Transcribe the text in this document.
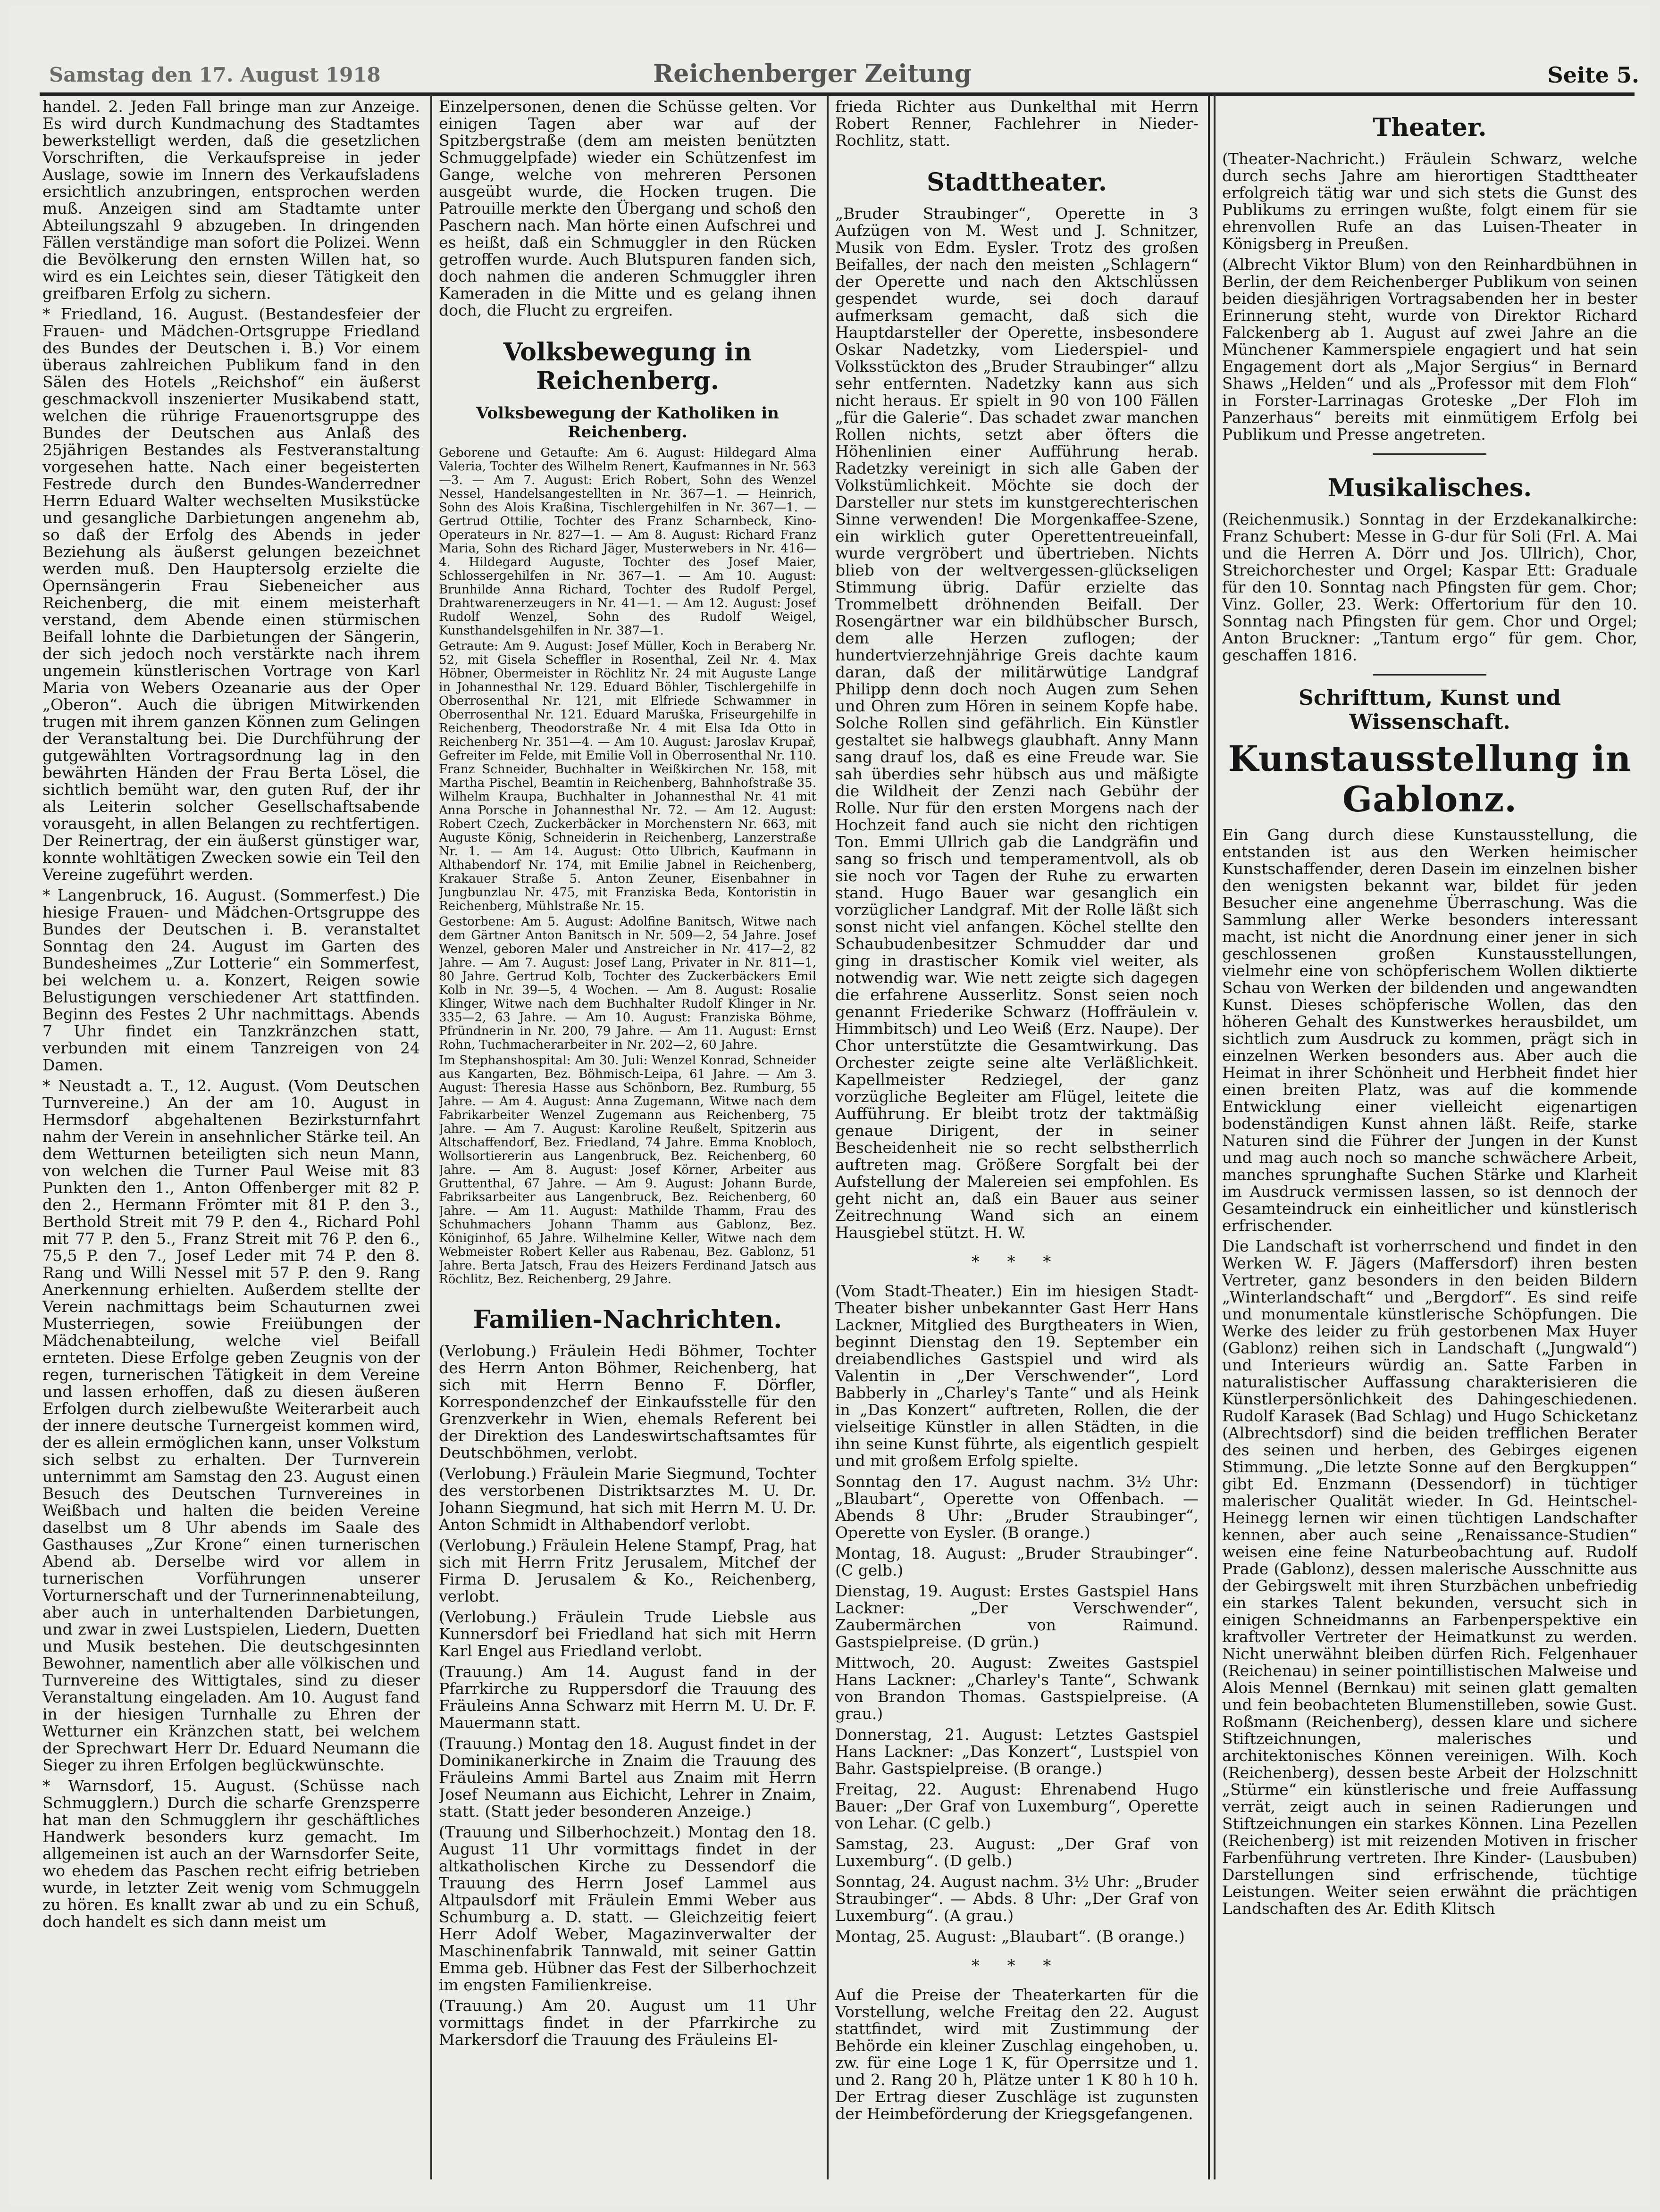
Samstag den 17. August 1918	Reichenberger Zeitung	Seite 5.

handel. 2. Jeden Fall bringe man zur Anzeige. Es wird durch Kundmachung des Stadtamtes bewerkstelligt werden, daß die gesetzlichen Vorschriften, die Verkaufspreise in jeder Auslage, sowie im Innern des Verkaufsladens ersichtlich anzubringen, entsprochen werden muß. Anzeigen sind am Stadtamte unter Abteilungszahl 9 abzugeben. In dringenden Fällen verständige man sofort die Polizei. Wenn die Bevölkerung den ernsten Willen hat, so wird es ein Leichtes sein, dieser Tätigkeit den greifbaren Erfolg zu sichern.

* Friedland, 16. August. (Bestandesfeier der Frauen- und Mädchen-Ortsgruppe Friedland des Bundes der Deutschen i. B.) Vor einem überaus zahlreichen Publikum fand in den Sälen des Hotels „Reichshof“ ein äußerst geschmackvoll inszenierter Musikabend statt, welchen die rührige Frauenortsgruppe des Bundes der Deutschen aus Anlaß des 25jährigen Bestandes als Festveranstaltung vorgesehen hatte. Nach einer begeisterten Festrede durch den Bundes-Wanderredner Herrn Eduard Walter wechselten Musikstücke und gesangliche Darbietungen angenehm ab, so daß der Erfolg des Abends in jeder Beziehung als äußerst gelungen bezeichnet werden muß. Den Hauptersolg erzielte die Opernsängerin Frau Siebeneicher aus Reichenberg, die mit einem meisterhaft verstand, dem Abende einen stürmischen Beifall lohnte die Darbietungen der Sängerin, der sich jedoch noch verstärkte nach ihrem ungemein künstlerischen Vortrage von Karl Maria von Webers Ozeanarie aus der Oper „Oberon“. Auch die übrigen Mitwirkenden trugen mit ihrem ganzen Können zum Gelingen der Veranstaltung bei. Die Durchführung der gutgewählten Vortragsordnung lag in den bewährten Händen der Frau Berta Lösel, die sichtlich bemüht war, den guten Ruf, der ihr als Leiterin solcher Gesellschaftsabende vorausgeht, in allen Belangen zu rechtfertigen. Der Reinertrag, der ein äußerst günstiger war, konnte wohltätigen Zwecken sowie ein Teil den Vereine zugeführt werden.

* Langenbruck, 16. August. (Sommerfest.) Die hiesige Frauen- und Mädchen-Ortsgruppe des Bundes der Deutschen i. B. veranstaltet Sonntag den 24. August im Garten des Bundesheimes „Zur Lotterie“ ein Sommerfest, bei welchem u. a. Konzert, Reigen sowie Belustigungen verschiedener Art stattfinden. Beginn des Festes 2 Uhr nachmittags. Abends 7 Uhr findet ein Tanzkränzchen statt, verbunden mit einem Tanzreigen von 24 Damen.

* Neustadt a. T., 12. August. (Vom Deutschen Turnvereine.) An der am 10. August in Hermsdorf abgehaltenen Bezirksturnfahrt nahm der Verein in ansehnlicher Stärke teil. An dem Wetturnen beteiligten sich neun Mann, von welchen die Turner Paul Weise mit 83 Punkten den 1., Anton Offenberger mit 82 P. den 2., Hermann Frömter mit 81 P. den 3., Berthold Streit mit 79 P. den 4., Richard Pohl mit 77 P. den 5., Franz Streit mit 76 P. den 6., 75,5 P. den 7., Josef Leder mit 74 P. den 8. Rang und Willi Nessel mit 57 P. den 9. Rang Anerkennung erhielten. Außerdem stellte der Verein nachmittags beim Schauturnen zwei Musterriegen, sowie Freiübungen der Mädchenabteilung, welche viel Beifall ernteten. Diese Erfolge geben Zeugnis von der regen, turnerischen Tätigkeit in dem Vereine und lassen erhoffen, daß zu diesen äußeren Erfolgen durch zielbewußte Weiterarbeit auch der innere deutsche Turnergeist kommen wird, der es allein ermöglichen kann, unser Volkstum sich selbst zu erhalten. Der Turnverein unternimmt am Samstag den 23. August einen Besuch des Deutschen Turnvereines in Weißbach und halten die beiden Vereine daselbst um 8 Uhr abends im Saale des Gasthauses „Zur Krone“ einen turnerischen Abend ab. Derselbe wird vor allem in turnerischen Vorführungen unserer Vorturnerschaft und der Turnerinnenabteilung, aber auch in unterhaltenden Darbietungen, und zwar in zwei Lustspielen, Liedern, Duetten und Musik bestehen. Die deutschgesinnten Bewohner, namentlich aber alle völkischen und Turnvereine des Wittigtales, sind zu dieser Veranstaltung eingeladen. Am 10. August fand in der hiesigen Turnhalle zu Ehren der Wetturner ein Kränzchen statt, bei welchem der Sprechwart Herr Dr. Eduard Neumann die Sieger zu ihren Erfolgen beglückwünschte.

* Warnsdorf, 15. August. (Schüsse nach Schmugglern.) Durch die scharfe Grenzsperre hat man den Schmugglern ihr geschäftliches Handwerk besonders kurz gemacht. Im allgemeinen ist auch an der Warnsdorfer Seite, wo ehedem das Paschen recht eifrig betrieben wurde, in letzter Zeit wenig vom Schmuggeln zu hören. Es knallt zwar ab und zu ein Schuß, doch handelt es sich dann meist um

Einzelpersonen, denen die Schüsse gelten. Vor einigen Tagen aber war auf der Spitzbergstraße (dem am meisten benützten Schmuggelpfade) wieder ein Schützenfest im Gange, welche von mehreren Personen ausgeübt wurde, die Hocken trugen. Die Patrouille merkte den Übergang und schoß den Paschern nach. Man hörte einen Aufschrei und es heißt, daß ein Schmuggler in den Rücken getroffen wurde. Auch Blutspuren fanden sich, doch nahmen die anderen Schmuggler ihren Kameraden in die Mitte und es gelang ihnen doch, die Flucht zu ergreifen.

Volksbewegung in Reichenberg.
Volksbewegung der Katholiken in Reichenberg.

Geborene und Getaufte: Am 6. August: Hildegard Alma Valeria, Tochter des Wilhelm Renert, Kaufmannes in Nr. 563—3. — Am 7. August: Erich Robert, Sohn des Wenzel Nessel, Handelsangestellten in Nr. 367—1. — Heinrich, Sohn des Alois Kraßina, Tischlergehilfen in Nr. 367—1. — Gertrud Ottilie, Tochter des Franz Scharnbeck, Kino-Operateurs in Nr. 827—1. — Am 8. August: Richard Franz Maria, Sohn des Richard Jäger, Musterwebers in Nr. 416—4. Hildegard Auguste, Tochter des Josef Maier, Schlossergehilfen in Nr. 367—1. — Am 10. August: Brunhilde Anna Richard, Tochter des Rudolf Pergel, Drahtwarenerzeugers in Nr. 41—1. — Am 12. August: Josef Rudolf Wenzel, Sohn des Rudolf Weigel, Kunsthandelsgehilfen in Nr. 387—1.

Getraute: Am 9. August: Josef Müller, Koch in Beraberg Nr. 52, mit Gisela Scheffler in Rosenthal, Zeil Nr. 4. Max Höbner, Obermeister in Röchlitz Nr. 24 mit Auguste Lange in Johannesthal Nr. 129. Eduard Böhler, Tischlergehilfe in Oberrosenthal Nr. 121, mit Elfriede Schwammer in Oberrosenthal Nr. 121. Eduard Maruška, Friseurgehilfe in Reichenberg, Theodorstraße Nr. 4 mit Elsa Ida Otto in Reichenberg Nr. 351—4. — Am 10. August: Jaroslav Krupař, Gefreiter im Felde, mit Emilie Voll in Oberrosenthal Nr. 110. Franz Schneider, Buchhalter in Weißkirchen Nr. 158, mit Martha Pischel, Beamtin in Reichenberg, Bahnhofstraße 35. Wilhelm Kraupa, Buchhalter in Johannesthal Nr. 41 mit Anna Porsche in Johannesthal Nr. 72. — Am 12. August: Robert Czech, Zuckerbäcker in Morchenstern Nr. 663, mit Auguste König, Schneiderin in Reichenberg, Lanzerstraße Nr. 1. — Am 14. August: Otto Ulbrich, Kaufmann in Althabendorf Nr. 174, mit Emilie Jabnel in Reichenberg, Krakauer Straße 5. Anton Zeuner, Eisenbahner in Jungbunzlau Nr. 475, mit Franziska Beda, Kontoristin in Reichenberg, Mühlstraße Nr. 15.

Gestorbene: Am 5. August: Adolfine Banitsch, Witwe nach dem Gärtner Anton Banitsch in Nr. 509—2, 54 Jahre. Josef Wenzel, geboren Maler und Anstreicher in Nr. 417—2, 82 Jahre. — Am 7. August: Josef Lang, Privater in Nr. 811—1, 80 Jahre. Gertrud Kolb, Tochter des Zuckerbäckers Emil Kolb in Nr. 39—5, 4 Wochen. — Am 8. August: Rosalie Klinger, Witwe nach dem Buchhalter Rudolf Klinger in Nr. 335—2, 63 Jahre. — Am 10. August: Franziska Böhme, Pfründnerin in Nr. 200, 79 Jahre. — Am 11. August: Ernst Rohn, Tuchmacherarbeiter in Nr. 202—2, 60 Jahre.

Im Stephanshospital: Am 30. Juli: Wenzel Konrad, Schneider aus Kangarten, Bez. Böhmisch-Leipa, 61 Jahre. — Am 3. August: Theresia Hasse aus Schönborn, Bez. Rumburg, 55 Jahre. — Am 4. August: Anna Zugemann, Witwe nach dem Fabrikarbeiter Wenzel Zugemann aus Reichenberg, 75 Jahre. — Am 7. August: Karoline Reußelt, Spitzerin aus Altschaffendorf, Bez. Friedland, 74 Jahre. Emma Knobloch, Wollsortiererin aus Langenbruck, Bez. Reichenberg, 60 Jahre. — Am 8. August: Josef Körner, Arbeiter aus Gruttenthal, 67 Jahre. — Am 9. August: Johann Burde, Fabriksarbeiter aus Langenbruck, Bez. Reichenberg, 60 Jahre. — Am 11. August: Mathilde Thamm, Frau des Schuhmachers Johann Thamm aus Gablonz, Bez. Königinhof, 65 Jahre. Wilhelmine Keller, Witwe nach dem Webmeister Robert Keller aus Rabenau, Bez. Gablonz, 51 Jahre. Berta Jatsch, Frau des Heizers Ferdinand Jatsch aus Röchlitz, Bez. Reichenberg, 29 Jahre.

Familien-Nachrichten.

(Verlobung.) Fräulein Hedi Böhmer, Tochter des Herrn Anton Böhmer, Reichenberg, hat sich mit Herrn Benno F. Dörfler, Korrespondenzchef der Einkaufsstelle für den Grenzverkehr in Wien, ehemals Referent bei der Direktion des Landeswirtschaftsamtes für Deutschböhmen, verlobt.

(Verlobung.) Fräulein Marie Siegmund, Tochter des verstorbenen Distriktsarztes M. U. Dr. Johann Siegmund, hat sich mit Herrn M. U. Dr. Anton Schmidt in Althabendorf verlobt.

(Verlobung.) Fräulein Helene Stampf, Prag, hat sich mit Herrn Fritz Jerusalem, Mitchef der Firma D. Jerusalem & Ko., Reichenberg, verlobt.

(Verlobung.) Fräulein Trude Liebsle aus Kunnersdorf bei Friedland hat sich mit Herrn Karl Engel aus Friedland verlobt.

(Trauung.) Am 14. August fand in der Pfarrkirche zu Ruppersdorf die Trauung des Fräuleins Anna Schwarz mit Herrn M. U. Dr. F. Mauermann statt.

(Trauung.) Montag den 18. August findet in der Dominikanerkirche in Znaim die Trauung des Fräuleins Ammi Bartel aus Znaim mit Herrn Josef Neumann aus Eichicht, Lehrer in Znaim, statt. (Statt jeder besonderen Anzeige.)

(Trauung und Silberhochzeit.) Montag den 18. August 11 Uhr vormittags findet in der altkatholischen Kirche zu Dessendorf die Trauung des Herrn Josef Lammel aus Altpaulsdorf mit Fräulein Emmi Weber aus Schumburg a. D. statt. — Gleichzeitig feiert Herr Adolf Weber, Magazinverwalter der Maschinenfabrik Tannwald, mit seiner Gattin Emma geb. Hübner das Fest der Silberhochzeit im engsten Familienkreise.

(Trauung.) Am 20. August um 11 Uhr vormittags findet in der Pfarrkirche zu Markersdorf die Trauung des Fräuleins El-

frieda Richter aus Dunkelthal mit Herrn Robert Renner, Fachlehrer in Nieder-Rochlitz, statt.

Stadttheater.

„Bruder Straubinger“, Operette in 3 Aufzügen von M. West und J. Schnitzer, Musik von Edm. Eysler. Trotz des großen Beifalles, der nach den meisten „Schlagern“ der Operette und nach den Aktschlüssen gespendet wurde, sei doch darauf aufmerksam gemacht, daß sich die Hauptdarsteller der Operette, insbesondere Oskar Nadetzky, vom Liederspiel- und Volksstückton des „Bruder Straubinger“ allzu sehr entfernten. Nadetzky kann aus sich nicht heraus. Er spielt in 90 von 100 Fällen „für die Galerie“. Das schadet zwar manchen Rollen nichts, setzt aber öfters die Höhenlinien einer Aufführung herab. Radetzky vereinigt in sich alle Gaben der Volkstümlichkeit. Möchte sie doch der Darsteller nur stets im kunstgerechterischen Sinne verwenden! Die Morgenkaffee-Szene, ein wirklich guter Operettentreueinfall, wurde vergröbert und übertrieben. Nichts blieb von der weltvergessen-glückseligen Stimmung übrig. Dafür erzielte das Trommelbett dröhnenden Beifall. Der Rosengärtner war ein bildhübscher Bursch, dem alle Herzen zuflogen; der hundertvierzehnjährige Greis dachte kaum daran, daß der militärwütige Landgraf Philipp denn doch noch Augen zum Sehen und Ohren zum Hören in seinem Kopfe habe. Solche Rollen sind gefährlich. Ein Künstler gestaltet sie halbwegs glaubhaft. Anny Mann sang drauf los, daß es eine Freude war. Sie sah überdies sehr hübsch aus und mäßigte die Wildheit der Zenzi nach Gebühr der Rolle. Nur für den ersten Morgens nach der Hochzeit fand auch sie nicht den richtigen Ton. Emmi Ullrich gab die Landgräfin und sang so frisch und temperamentvoll, als ob sie noch vor Tagen der Ruhe zu erwarten stand. Hugo Bauer war gesanglich ein vorzüglicher Landgraf. Mit der Rolle läßt sich sonst nicht viel anfangen. Köchel stellte den Schaubudenbesitzer Schmudder dar und ging in drastischer Komik viel weiter, als notwendig war. Wie nett zeigte sich dagegen die erfahrene Ausserlitz. Sonst seien noch genannt Friederike Schwarz (Hoffräulein v. Himmbitsch) und Leo Weiß (Erz. Naupe). Der Chor unterstützte die Gesamtwirkung. Das Orchester zeigte seine alte Verläßlichkeit. Kapellmeister Redziegel, der ganz vorzügliche Begleiter am Flügel, leitete die Aufführung. Er bleibt trotz der taktmäßig genaue Dirigent, der in seiner Bescheidenheit nie so recht selbstherrlich auftreten mag. Größere Sorgfalt bei der Aufstellung der Malereien sei empfohlen. Es geht nicht an, daß ein Bauer aus seiner Zeitrechnung Wand sich an einem Hausgiebel stützt. H. W.

* * *

(Vom Stadt-Theater.) Ein im hiesigen Stadt-Theater bisher unbekannter Gast Herr Hans Lackner, Mitglied des Burgtheaters in Wien, beginnt Dienstag den 19. September ein dreiabendliches Gastspiel und wird als Valentin in „Der Verschwender“, Lord Babberly in „Charley's Tante“ und als Heink in „Das Konzert“ auftreten, Rollen, die der vielseitige Künstler in allen Städten, in die ihn seine Kunst führte, als eigentlich gespielt und mit großem Erfolg spielte.

Sonntag den 17. August nachm. 3½ Uhr: „Blaubart“, Operette von Offenbach. — Abends 8 Uhr: „Bruder Straubinger“, Operette von Eysler. (B orange.)

Montag, 18. August: „Bruder Straubinger“. (C gelb.)

Dienstag, 19. August: Erstes Gastspiel Hans Lackner: „Der Verschwender“, Zaubermärchen von Raimund. Gastspielpreise. (D grün.)

Mittwoch, 20. August: Zweites Gastspiel Hans Lackner: „Charley's Tante“, Schwank von Brandon Thomas. Gastspielpreise. (A grau.)

Donnerstag, 21. August: Letztes Gastspiel Hans Lackner: „Das Konzert“, Lustspiel von Bahr. Gastspielpreise. (B orange.)

Freitag, 22. August: Ehrenabend Hugo Bauer: „Der Graf von Luxemburg“, Operette von Lehar. (C gelb.)

Samstag, 23. August: „Der Graf von Luxemburg“. (D gelb.)

Sonntag, 24. August nachm. 3½ Uhr: „Bruder Straubinger“. — Abds. 8 Uhr: „Der Graf von Luxemburg“. (A grau.)

Montag, 25. August: „Blaubart“. (B orange.)

* * *

Auf die Preise der Theaterkarten für die Vorstellung, welche Freitag den 22. August stattfindet, wird mit Zustimmung der Behörde ein kleiner Zuschlag eingehoben, u. zw. für eine Loge 1 K, für Operrsitze und 1. und 2. Rang 20 h, Plätze unter 1 K 80 h 10 h. Der Ertrag dieser Zuschläge ist zugunsten der Heimbeförderung der Kriegsgefangenen.

Theater.

(Theater-Nachricht.) Fräulein Schwarz, welche durch sechs Jahre am hierortigen Stadttheater erfolgreich tätig war und sich stets die Gunst des Publikums zu erringen wußte, folgt einem für sie ehrenvollen Rufe an das Luisen-Theater in Königsberg in Preußen.

(Albrecht Viktor Blum) von den Reinhardbühnen in Berlin, der dem Reichenberger Publikum von seinen beiden diesjährigen Vortragsabenden her in bester Erinnerung steht, wurde von Direktor Richard Falckenberg ab 1. August auf zwei Jahre an die Münchener Kammerspiele engagiert und hat sein Engagement dort als „Major Sergius“ in Bernard Shaws „Helden“ und als „Professor mit dem Floh“ in Forster-Larrinagas Groteske „Der Floh im Panzerhaus“ bereits mit einmütigem Erfolg bei Publikum und Presse angetreten.

Musikalisches.

(Reichenmusik.) Sonntag in der Erzdekanalkirche: Franz Schubert: Messe in G-dur für Soli (Frl. A. Mai und die Herren A. Dörr und Jos. Ullrich), Chor, Streichorchester und Orgel; Kaspar Ett: Graduale für den 10. Sonntag nach Pfingsten für gem. Chor; Vinz. Goller, 23. Werk: Offertorium für den 10. Sonntag nach Pfingsten für gem. Chor und Orgel; Anton Bruckner: „Tantum ergo“ für gem. Chor, geschaffen 1816.

Schrifttum, Kunst und Wissenschaft.
Kunstausstellung in Gablonz.

Ein Gang durch diese Kunstausstellung, die entstanden ist aus den Werken heimischer Kunstschaffender, deren Dasein im einzelnen bisher den wenigsten bekannt war, bildet für jeden Besucher eine angenehme Überraschung. Was die Sammlung aller Werke besonders interessant macht, ist nicht die Anordnung einer jener in sich geschlossenen großen Kunstausstellungen, vielmehr eine von schöpferischem Wollen diktierte Schau von Werken der bildenden und angewandten Kunst. Dieses schöpferische Wollen, das den höheren Gehalt des Kunstwerkes herausbildet, um sichtlich zum Ausdruck zu kommen, prägt sich in einzelnen Werken besonders aus. Aber auch die Heimat in ihrer Schönheit und Herbheit findet hier einen breiten Platz, was auf die kommende Entwicklung einer vielleicht eigenartigen bodenständigen Kunst ahnen läßt. Reife, starke Naturen sind die Führer der Jungen in der Kunst und mag auch noch so manche schwächere Arbeit, manches sprunghafte Suchen Stärke und Klarheit im Ausdruck vermissen lassen, so ist dennoch der Gesamteindruck ein einheitlicher und künstlerisch erfrischender.

Die Landschaft ist vorherrschend und findet in den Werken W. F. Jägers (Maffersdorf) ihren besten Vertreter, ganz besonders in den beiden Bildern „Winterlandschaft“ und „Bergdorf“. Es sind reife und monumentale künstlerische Schöpfungen. Die Werke des leider zu früh gestorbenen Max Huyer (Gablonz) reihen sich in Landschaft („Jungwald“) und Interieurs würdig an. Satte Farben in naturalistischer Auffassung charakterisieren die Künstlerpersönlichkeit des Dahingeschiedenen. Rudolf Karasek (Bad Schlag) und Hugo Schicketanz (Albrechtsdorf) sind die beiden trefflichen Berater des seinen und herben, des Gebirges eigenen Stimmung. „Die letzte Sonne auf den Bergkuppen“ gibt Ed. Enzmann (Dessendorf) in tüchtiger malerischer Qualität wieder. In Gd. Heintschel-Heinegg lernen wir einen tüchtigen Landschafter kennen, aber auch seine „Renaissance-Studien“ weisen eine feine Naturbeobachtung auf. Rudolf Prade (Gablonz), dessen malerische Ausschnitte aus der Gebirgswelt mit ihren Sturzbächen unbefriedig ein starkes Talent bekunden, versucht sich in einigen Schneidmanns an Farbenperspektive ein kraftvoller Vertreter der Heimatkunst zu werden. Nicht unerwähnt bleiben dürfen Rich. Felgenhauer (Reichenau) in seiner pointillistischen Malweise und Alois Mennel (Bernkau) mit seinen glatt gemalten und fein beobachteten Blumenstilleben, sowie Gust. Roßmann (Reichenberg), dessen klare und sichere Stiftzeichnungen, malerisches und architektonisches Können vereinigen. Wilh. Koch (Reichenberg), dessen beste Arbeit der Holzschnitt „Stürme“ ein künstlerische und freie Auffassung verrät, zeigt auch in seinen Radierungen und Stiftzeichnungen ein starkes Können. Lina Pezellen (Reichenberg) ist mit reizenden Motiven in frischer Farbenführung vertreten. Ihre Kinder- (Lausbuben) Darstellungen sind erfrischende, tüchtige Leistungen. Weiter seien erwähnt die prächtigen Landschaften des Ar. Edith Klitsch
